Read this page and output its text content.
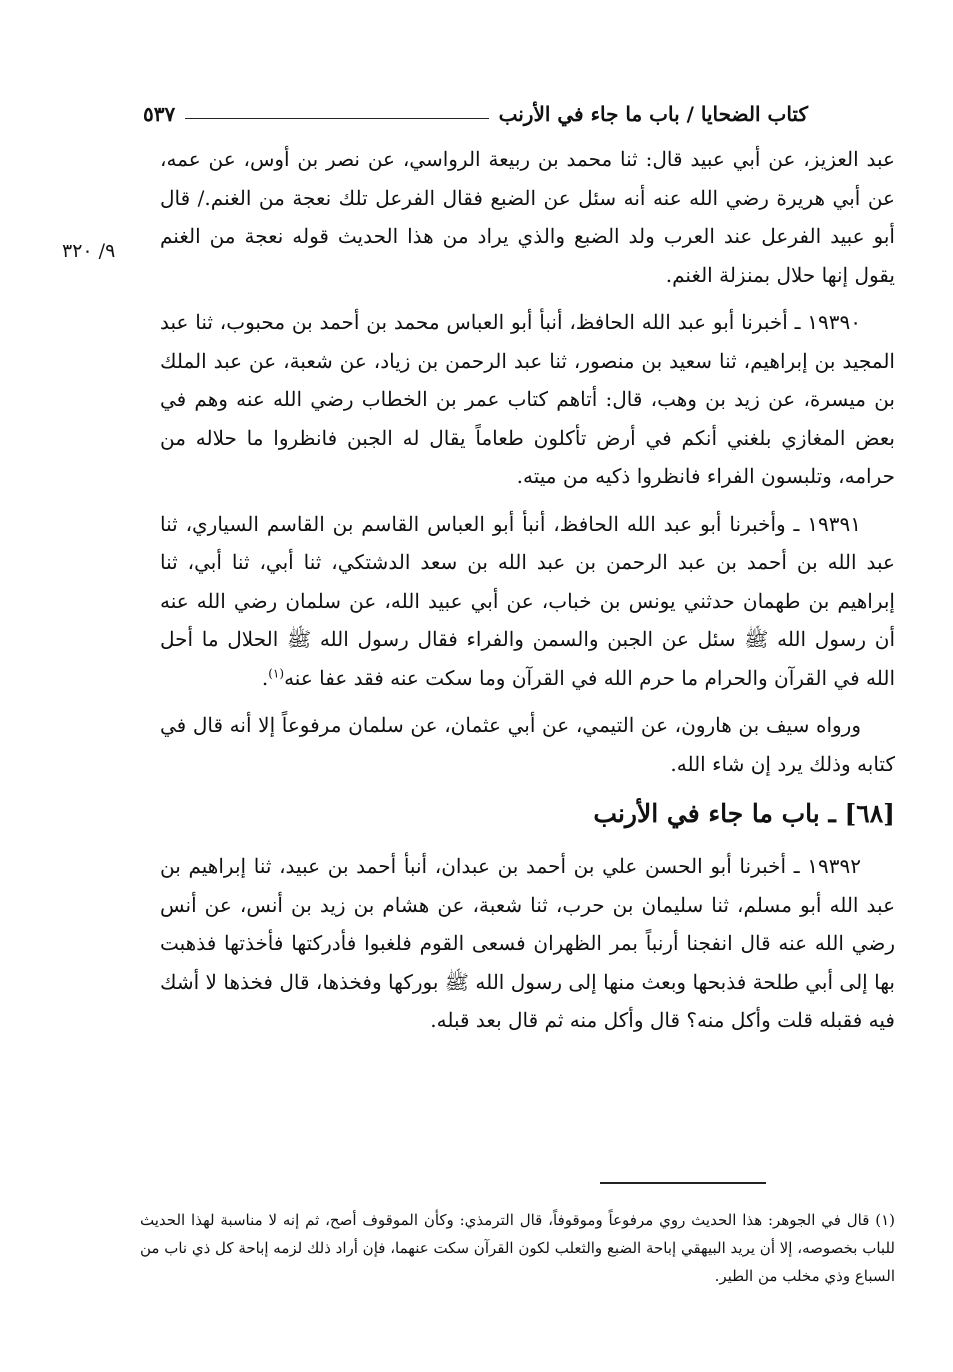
كتاب الضحايا / باب ما جاء في الأرنب
٥٣٧
٩/ ٣٢٠

عبد العزيز، عن أبي عبيد قال: ثنا محمد بن ربيعة الرواسي، عن نصر بن أوس، عن عمه، عن أبي هريرة رضي الله عنه أنه سئل عن الضبع فقال الفرعل تلك نعجة من الغنم./ قال أبو عبيد الفرعل عند العرب ولد الضبع والذي يراد من هذا الحديث قوله نعجة من الغنم يقول إنها حلال بمنزلة الغنم.

١٩٣٩٠ ـ أخبرنا أبو عبد الله الحافظ، أنبأ أبو العباس محمد بن أحمد بن محبوب، ثنا عبد المجيد بن إبراهيم، ثنا سعيد بن منصور، ثنا عبد الرحمن بن زياد، عن شعبة، عن عبد الملك بن ميسرة، عن زيد بن وهب، قال: أتاهم كتاب عمر بن الخطاب رضي الله عنه وهم في بعض المغازي بلغني أنكم في أرض تأكلون طعاماً يقال له الجبن فانظروا ما حلاله من حرامه، وتلبسون الفراء فانظروا ذكيه من ميته.

١٩٣٩١ ـ وأخبرنا أبو عبد الله الحافظ، أنبأ أبو العباس القاسم بن القاسم السياري، ثنا عبد الله بن أحمد بن عبد الرحمن بن عبد الله بن سعد الدشتكي، ثنا أبي، ثنا أبي، ثنا إبراهيم بن طهمان حدثني يونس بن خباب، عن أبي عبيد الله، عن سلمان رضي الله عنه أن رسول الله ﷺ سئل عن الجبن والسمن والفراء فقال رسول الله ﷺ الحلال ما أحل الله في القرآن والحرام ما حرم الله في القرآن وما سكت عنه فقد عفا عنه$^{(١)}$.

ورواه سيف بن هارون، عن التيمي، عن أبي عثمان، عن سلمان مرفوعاً إلا أنه قال في كتابه وذلك يرد إن شاء الله.

[٦٨] ـ باب ما جاء في الأرنب

١٩٣٩٢ ـ أخبرنا أبو الحسن علي بن أحمد بن عبدان، أنبأ أحمد بن عبيد، ثنا إبراهيم بن عبد الله أبو مسلم، ثنا سليمان بن حرب، ثنا شعبة، عن هشام بن زيد بن أنس، عن أنس رضي الله عنه قال انفجنا أرنباً بمر الظهران فسعى القوم فلغبوا فأدركتها فأخذتها فذهبت بها إلى أبي طلحة فذبحها وبعث منها إلى رسول الله ﷺ بوركها وفخذها، قال فخذها لا أشك فيه فقبله قلت وأكل منه؟ قال وأكل منه ثم قال بعد قبله.

(١) قال في الجوهر: هذا الحديث روي مرفوعاً وموقوفاً، قال الترمذي: وكأن الموقوف أصح، ثم إنه لا مناسبة لهذا الحديث للباب بخصوصه، إلا أن يريد البيهقي إباحة الضبع والثعلب لكون القرآن سكت عنهما، فإن أراد ذلك لزمه إباحة كل ذي ناب من السباع وذي مخلب من الطير.
